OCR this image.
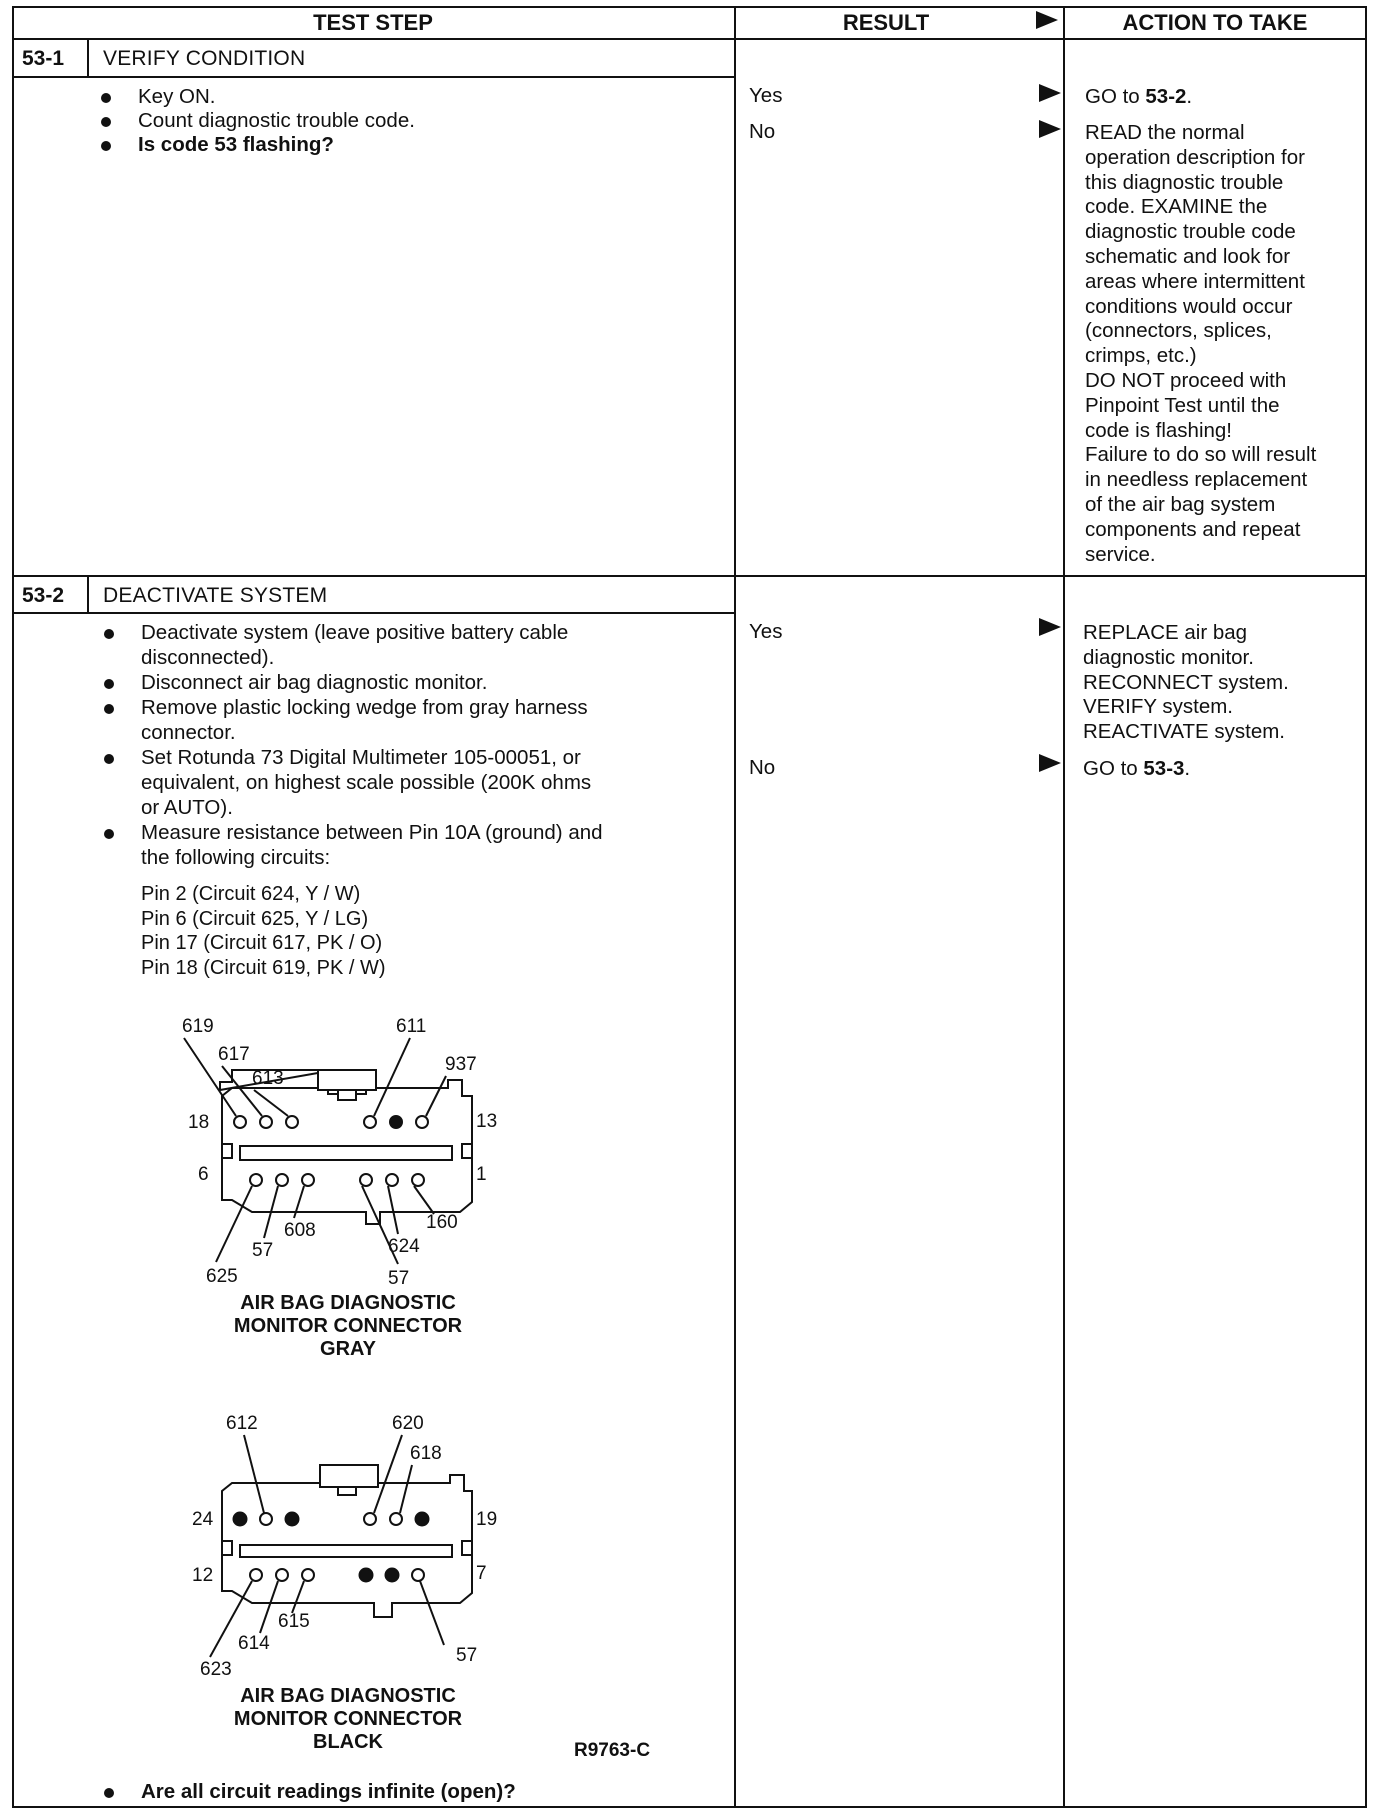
TEST STEP	RESULT	ACTION TO TAKE
53-1 VERIFY CONDITION
Key ON.
Count diagnostic trouble code.
Is code 53 flashing?
Yes	GO to 53-2.
No	READ the normal
operation description for
this diagnostic trouble
code. EXAMINE the
diagnostic trouble code
schematic and look for
areas where intermittent
conditions would occur
(connectors, splices,
crimps, etc.)
DO NOT proceed with
Pinpoint Test until the
code is flashing!
Failure to do so will result
in needless replacement
of the air bag system
components and repeat
service.
53-2 DEACTIVATE SYSTEM
Deactivate system (leave positive battery cable
disconnected).
Disconnect air bag diagnostic monitor.
Remove plastic locking wedge from gray harness
connector.
Set Rotunda 73 Digital Multimeter 105-00051, or
equivalent, on highest scale possible (200K ohms
or AUTO).
Measure resistance between Pin 10A (ground) and
the following circuits:
Pin 2 (Circuit 624, Y / W)
Pin 6 (Circuit 625, Y / LG)
Pin 17 (Circuit 617, PK / O)
Pin 18 (Circuit 619, PK / W)
619
617
613
611
937
18	13
6	1
625
57
608	160
624
57
AIR BAG DIAGNOSTIC
MONITOR CONNECTOR
GRAY
612	620
618
24	19
12	7
623
614
615
57
AIR BAG DIAGNOSTIC
MONITOR CONNECTOR
BLACK	R9763-C
Are all circuit readings infinite (open)?
Yes	REPLACE air bag
diagnostic monitor.
RECONNECT system.
VERIFY system.
REACTIVATE system.
No	GO to 53-3.
